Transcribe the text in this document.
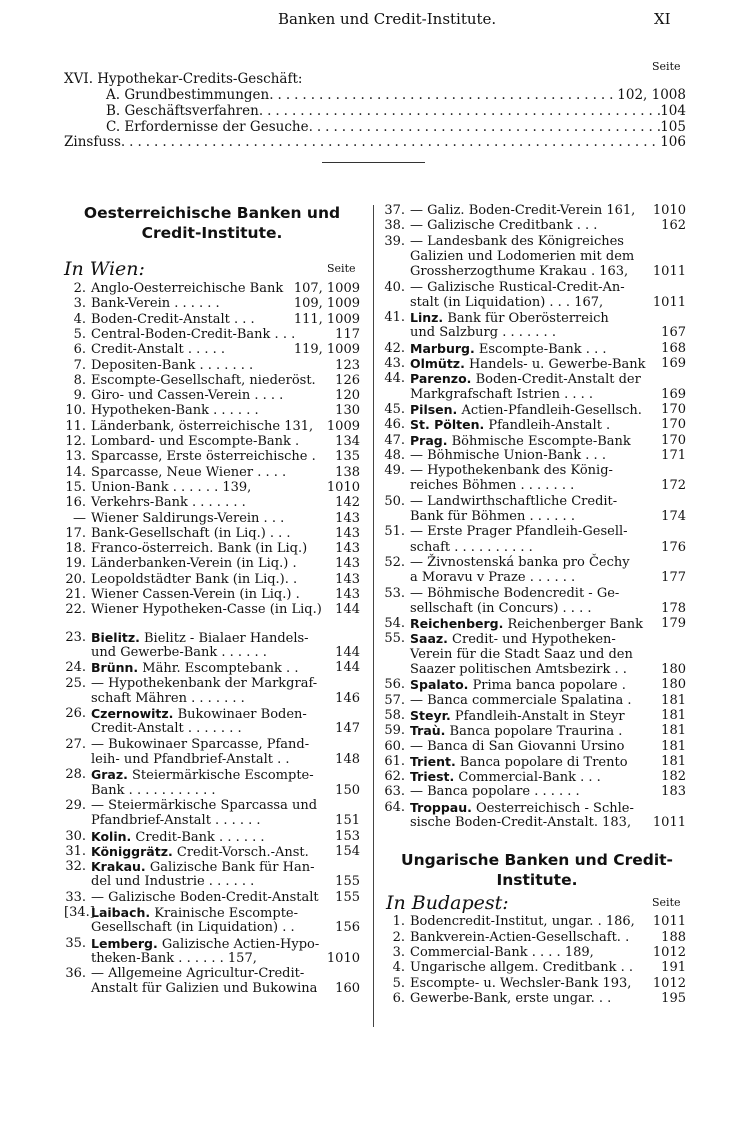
Banken und Credit-Institute.	XI
Seite
XVI. Hypothekar-Credits-Geschäft:
A. Grundbestimmungen .....	102, 1008
B. Geschäftsverfahren .....	104
C. Erfordernisse der Gesuche .....	105
Zinsfuss .....	106
Oesterreichische Banken und
Credit-Institute.
In Wien:	Seite
2. Anglo-Oesterreichische Bank 107, 1009
3. Bank-Verein . . . . . .	109, 1009
4. Boden-Credit-Anstalt . . .	111, 1009
5. Central-Boden-Credit-Bank . . .	117
6. Credit-Anstalt . . . . .	119, 1009
7. Depositen-Bank . . . . . . .	123
8. Escompte-Gesellschaft, niederöst. 126
9. Giro- und Cassen-Verein . . . .	120
10. Hypotheken-Bank . . . . . .	130
11. Länderbank, österreichische 131, 1009
12. Lombard- und Escompte-Bank .	134
13. Sparcasse, Erste österreichische . 135
14. Sparcasse, Neue Wiener . . . .	138
15. Union-Bank . . . . . . 139,	1010
16. Verkehrs-Bank . . . . . . .	142
— Wiener Saldirungs-Verein . . .	143
17. Bank-Gesellschaft (in Liq.) . . .	143
18. Franco-österreich. Bank (in Liq.) 143
19. Länderbanken-Verein (in Liq.) .	143
20. Leopoldstädter Bank (in Liq.). .	143
21. Wiener Cassen-Verein (in Liq.) .	143
22. Wiener Hypotheken-Casse (in Liq.) 144
23. Bielitz. Bielitz - Bialaer Handels-
und Gewerbe-Bank . . . . . .	144
24. Brünn. Mähr. Escomptebank . .	144
25. — Hypothekenbank der Markgraf-
schaft Mähren . . . . . . .	146
26. Czernowitz. Bukowinaer Boden-
Credit-Anstalt . . . . . . .	147
27. — Bukowinaer Sparcasse, Pfand-
leih- und Pfandbrief-Anstalt . .	148
28. Graz. Steiermärkische Escompte-
Bank . . . . . . . . . . .	150
29. — Steiermärkische Sparcassa und
Pfandbrief-Anstalt . . . . . .	151
30. Kolin. Credit-Bank . . . . . .	153
31. Königgrätz. Credit-Vorsch.-Anst. 154
32. Krakau. Galizische Bank für Han-
del und Industrie . . . . . .	155
33. — Galizische Boden-Credit-Anstalt 155
[34.]
Laibach. Krainische Escompte-
Gesellschaft (in Liquidation) . .	156
35. Lemberg. Galizische Actien-Hypo-
theken-Bank . . . . . . 157,	1010
36. — Allgemeine Agricultur-Credit-
Anstalt für Galizien und Bukowina 160
37. — Galiz. Boden-Credit-Verein 161, 1010
38. — Galizische Creditbank . . .	162
39. — Landesbank des Königreiches
Galizien und Lodomerien mit dem
Grossherzogthume Krakau . 163, 1011
40. — Galizische Rustical-Credit-An-
stalt (in Liquidation) . . . 167,	1011
41. Linz. Bank für Oberösterreich
und Salzburg . . . . . . .	167
42. Marburg. Escompte-Bank . . .	168
43. Olmütz. Handels- u. Gewerbe-Bank 169
44. Parenzo. Boden-Credit-Anstalt der
Markgrafschaft Istrien . . . .	169
45. Pilsen. Actien-Pfandleih-Gesellsch. 170
46. St. Pölten. Pfandleih-Anstalt .	170
47. Prag. Böhmische Escompte-Bank 170
48. — Böhmische Union-Bank . . .	171
49. — Hypothekenbank des König-
reiches Böhmen . . . . . . .	172
50. — Landwirthschaftliche Credit-
Bank für Böhmen . . . . . .	174
51. — Erste Prager Pfandleih-Gesell-
schaft . . . . . . . . . .	176
52. — Živnostenská banka pro Čechy
a Moravu v Praze . . . . . .	177
53. — Böhmische Bodencredit - Ge-
sellschaft (in Concurs) . . . .	178
54. Reichenberg. Reichenberger Bank 179
55. Saaz. Credit- und Hypotheken-
Verein für die Stadt Saaz und den
Saazer politischen Amtsbezirk . .	180
56. Spalato. Prima banca popolare .	180
57. — Banca commerciale Spalatina . 181
58. Steyr. Pfandleih-Anstalt in Steyr	181
59. Traù. Banca popolare Traurina .	181
60. — Banca di San Giovanni Ursino	181
61. Trient. Banca popolare di Trento	181
62. Triest. Commercial-Bank . . .	182
63. — Banca popolare . . . . . .	183
64. Troppau. Oesterreichisch - Schle-
sische Boden-Credit-Anstalt. 183, 1011
Ungarische Banken und Credit-
Institute.
In Budapest:	Seite
1. Bodencredit-Institut, ungar. . 186, 1011
2. Bankverein-Actien-Gesellschaft. . 188
3. Commercial-Bank . . . . 189,	1012
4. Ungarische allgem. Creditbank . . 191
5. Escompte- u. Wechsler-Bank 193, 1012
6. Gewerbe-Bank, erste ungar. . .	195
